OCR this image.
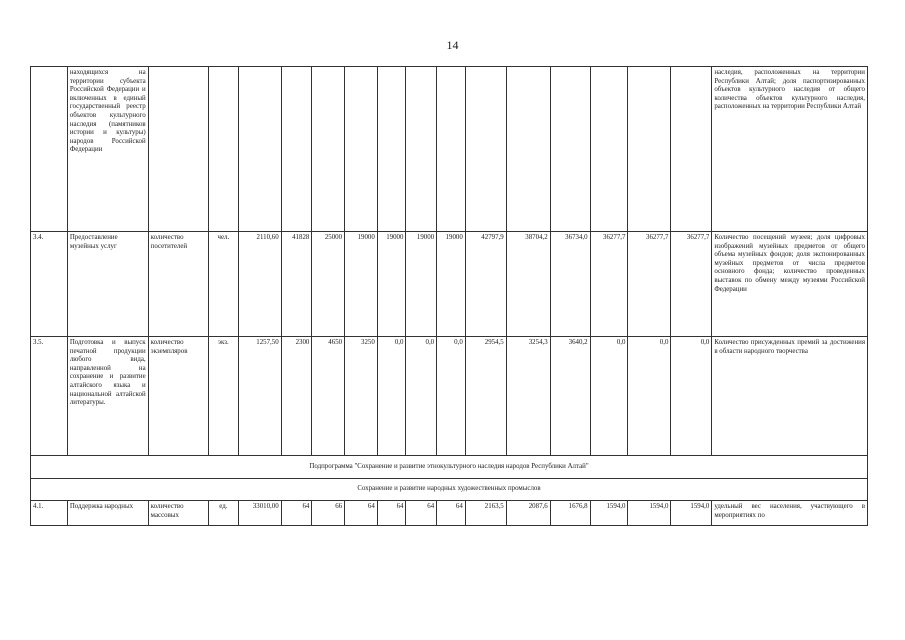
14
	находящихся на территории субъекта Российской Федерации и включенных в единый государственный реестр объектов культурного наследия (памятников истории и культуры) народов Российской Федерации																наследия, расположенных на территории Республики Алтай; доля паспортизированных объектов культурного наследия от общего количества объектов культурного наследия, расположенных на территории Республики Алтай
3.4.	Предоставление музейных услуг	количество посетителей	чел.	2110,60	41828	25000	19000	19000	19000	19000	42797,9	38704,2	36734,0	36277,7	36277,7	36277,7	Количество посещений музеев; доля цифровых изображений музейных предметов от общего объема музейных фондов; доля экспонированных музейных предметов от числа предметов основного фонда; количество проведенных выставок по обмену между музеями Российской Федерации
3.5.	Подготовка и выпуск печатной продукции любого вида, направленной на сохранение и развитие алтайского языка и национальной алтайской литературы.	количество экземпляров	экз.	1257,50	2300	4650	3250	0,0	0,0	0,0	2954,5	3254,3	3640,2	0,0	0,0	0,0	Количество присужденных премий за достижения в области народного творчества
Подпрограмма "Сохранение и развитие этнокультурного наследия народов Республики Алтай"																	
Сохранение и развитие народных художественных промыслов																	
4.1.	Поддержка народных	количество массовых	ед.	33010,00	64	66	64	64	64	64	2163,5	2087,6	1676,8	1594,0	1594,0	1594,0	удельный вес населения, участвующего в мероприятиях по
